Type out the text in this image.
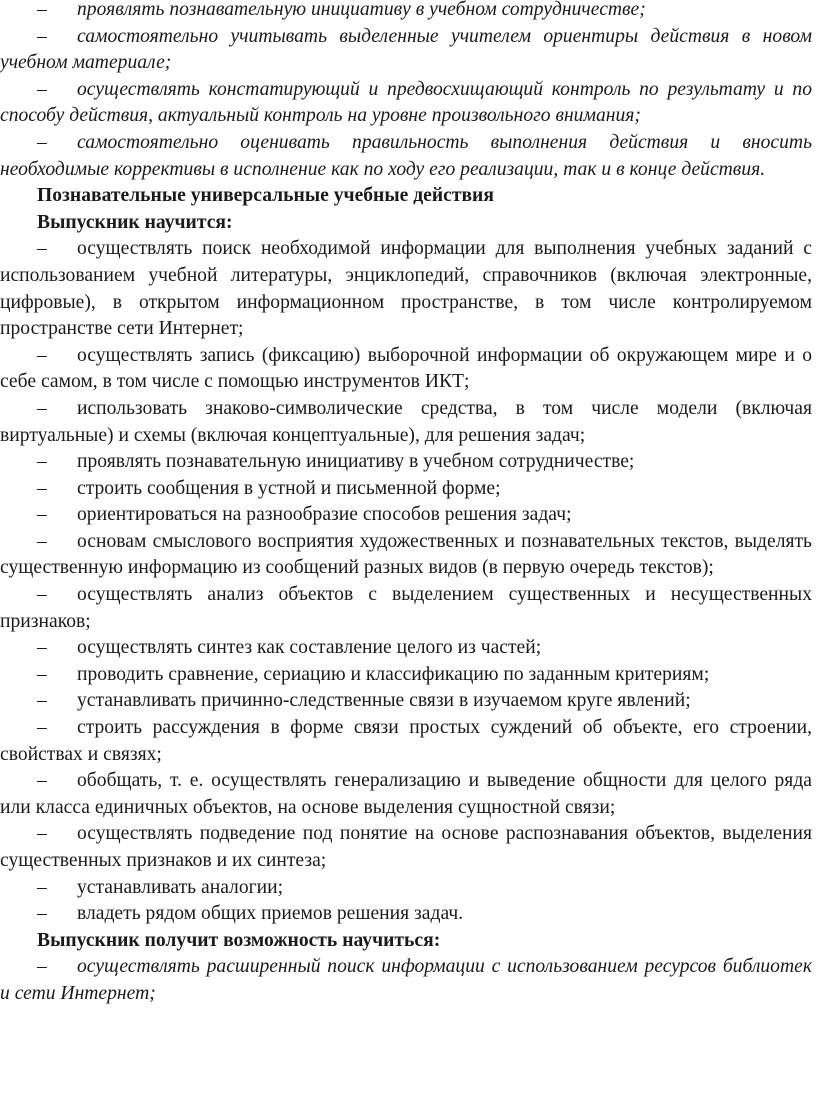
– проявлять познавательную инициативу в учебном сотрудничестве;

– самостоятельно учитывать выделенные учителем ориентиры действия в новом учебном материале;

– осуществлять констатирующий и предвосхищающий контроль по результату и по способу действия, актуальный контроль на уровне произвольного внимания;

– самостоятельно оценивать правильность выполнения действия и вносить необходимые коррективы в исполнение как по ходу его реализации, так и в конце действия.

Познавательные универсальные учебные действия

Выпускник научится:

– осуществлять поиск необходимой информации для выполнения учебных заданий с использованием учебной литературы, энциклопедий, справочников (включая электронные, цифровые), в открытом информационном пространстве, в том числе контролируемом пространстве сети Интернет;

– осуществлять запись (фиксацию) выборочной информации об окружающем мире и о себе самом, в том числе с помощью инструментов ИКТ;

– использовать знаково-символические средства, в том числе модели (включая виртуальные) и схемы (включая концептуальные), для решения задач;

– проявлять познавательную инициативу в учебном сотрудничестве;

– строить сообщения в устной и письменной форме;

– ориентироваться на разнообразие способов решения задач;

– основам смыслового восприятия художественных и познавательных текстов, выделять существенную информацию из сообщений разных видов (в первую очередь текстов);

– осуществлять анализ объектов с выделением существенных и несущественных признаков;

– осуществлять синтез как составление целого из частей;

– проводить сравнение, сериацию и классификацию по заданным критериям;

– устанавливать причинно-следственные связи в изучаемом круге явлений;

– строить рассуждения в форме связи простых суждений об объекте, его строении, свойствах и связях;

– обобщать, т. е. осуществлять генерализацию и выведение общности для целого ряда или класса единичных объектов, на основе выделения сущностной связи;

– осуществлять подведение под понятие на основе распознавания объектов, выделения существенных признаков и их синтеза;

– устанавливать аналогии;

– владеть рядом общих приемов решения задач.

Выпускник получит возможность научиться:

– осуществлять расширенный поиск информации с использованием ресурсов библиотек и сети Интернет;
